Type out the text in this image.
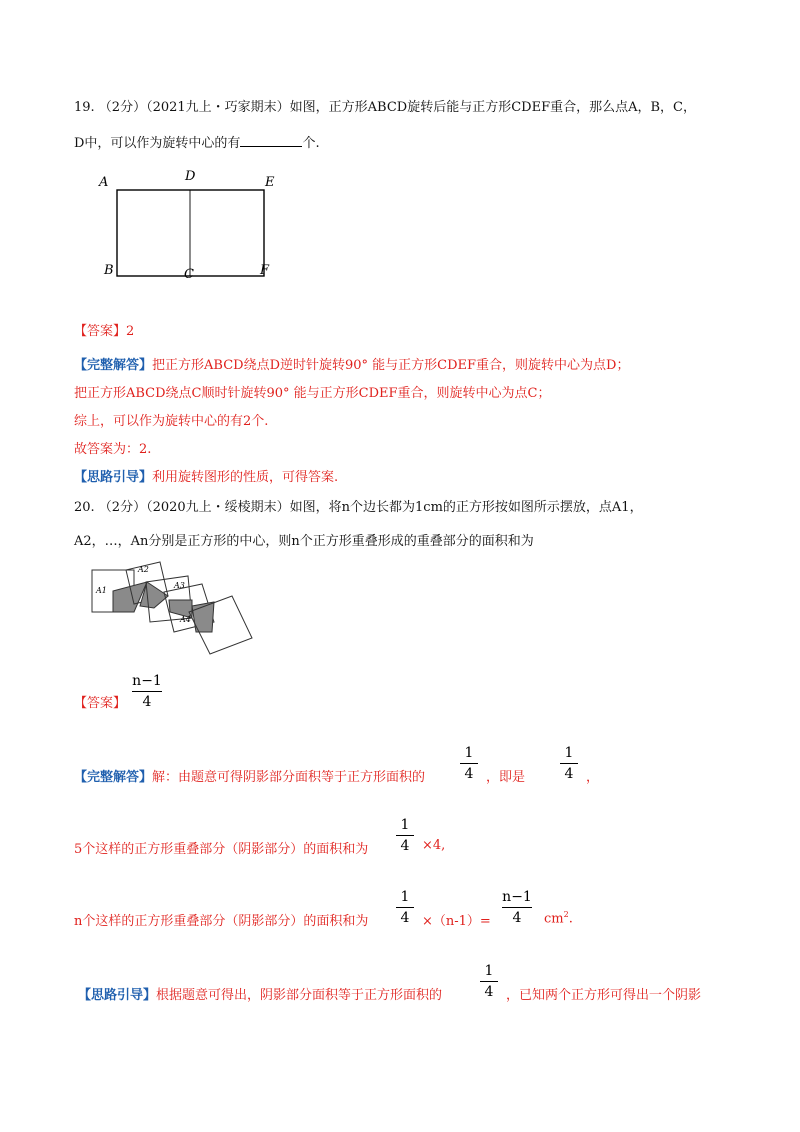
19. （2分）（2021九上・巧家期末）如图，正方形ABCD旋转后能与正方形CDEF重合，那么点A，B，C，
D中，可以作为旋转中心的有	个.
A	D	E
B	C	F
【答案】2
【完整解答】把正方形ABCD绕点D逆时针旋转90° 能与正方形CDEF重合，则旋转中心为点D；
把正方形ABCD绕点C顺时针旋转90° 能与正方形CDEF重合，则旋转中心为点C；
综上，可以作为旋转中心的有2个.
故答案为：2.
【思路引导】利用旋转图形的性质，可得答案.
20. （2分）（2020九上・绥棱期末）如图，将n个边长都为1cm的正方形按如图所示摆放，点A1，
A2，…，An分别是正方形的中心，则n个正方形重叠形成的重叠部分的面积和为
A1
A2
A3
A4
【答案】
n−1
4
【完整解答】解：由题意可得阴影部分面积等于正方形面积的
1
4 ，即是
1
4 ，
5个这样的正方形重叠部分（阴影部分）的面积和为
1
4 ×4,
n个这样的正方形重叠部分（阴影部分）的面积和为
1
4 ×（n-1）=
n−1
4	$cm^2$.
【思路引导】根据题意可得出，阴影部分面积等于正方形面积的
1
4 ，已知两个正方形可得出一个阴影
